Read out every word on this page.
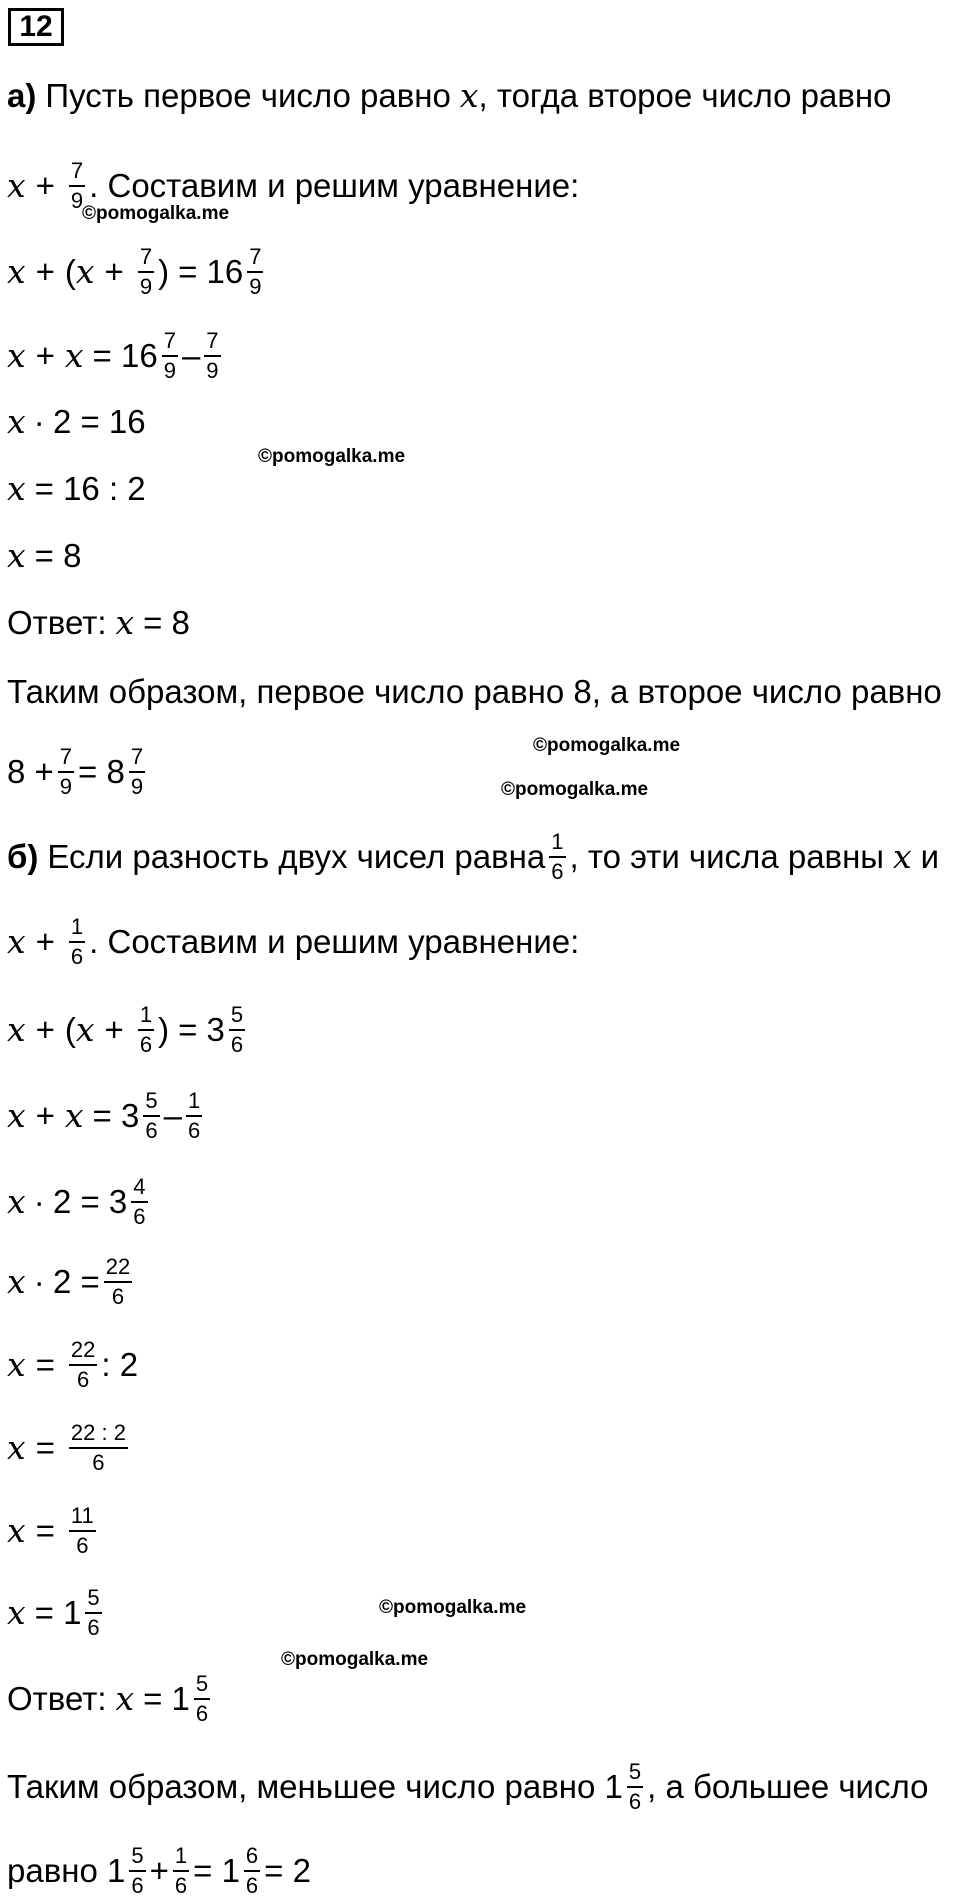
12
а) Пусть первое число равно x , тогда второе число равно
$x + \frac{7}{9}$ . Составим и решим уравнение:
x + ( $x + \frac{7}{9}$ ) = $16 \frac{7}{9}$
$x + x = 16 \frac{7}{9} - \frac{7}{9}$
x ∙ 2 = 16
x = 16 : 2
x = 8
Ответ: x = 8
Таким образом, первое число равно 8, а второе число равно
$8 + \frac{7}{9} = 8 \frac{7}{9}$
б) Если разность двух чисел равна $\frac{1}{6}$ , то эти числа равны x и
$x + \frac{1}{6}$ . Составим и решим уравнение:
x + ( $x + \frac{1}{6}$ ) = $3 \frac{5}{6}$
$x + x = 3 \frac{5}{6} - \frac{1}{6}$
$x \cdot 2 = 3 \frac{4}{6}$
$x \cdot 2 = \frac{22}{6}$
$x = \frac{22}{6}$ : 2
$x = \frac{22 : 2}{6}$
$x = \frac{11}{6}$
$x = 1 \frac{5}{6}$
Ответ: $x = 1 \frac{5}{6}$
Таким образом, меньшее число равно $1 \frac{5}{6}$ , а большее число
равно $1 \frac{5}{6} + \frac{1}{6} = 1 \frac{6}{6} = 2$
©pomogalka.me
©pomogalka.me
©pomogalka.me
©pomogalka.me
©pomogalka.me
©pomogalka.me
